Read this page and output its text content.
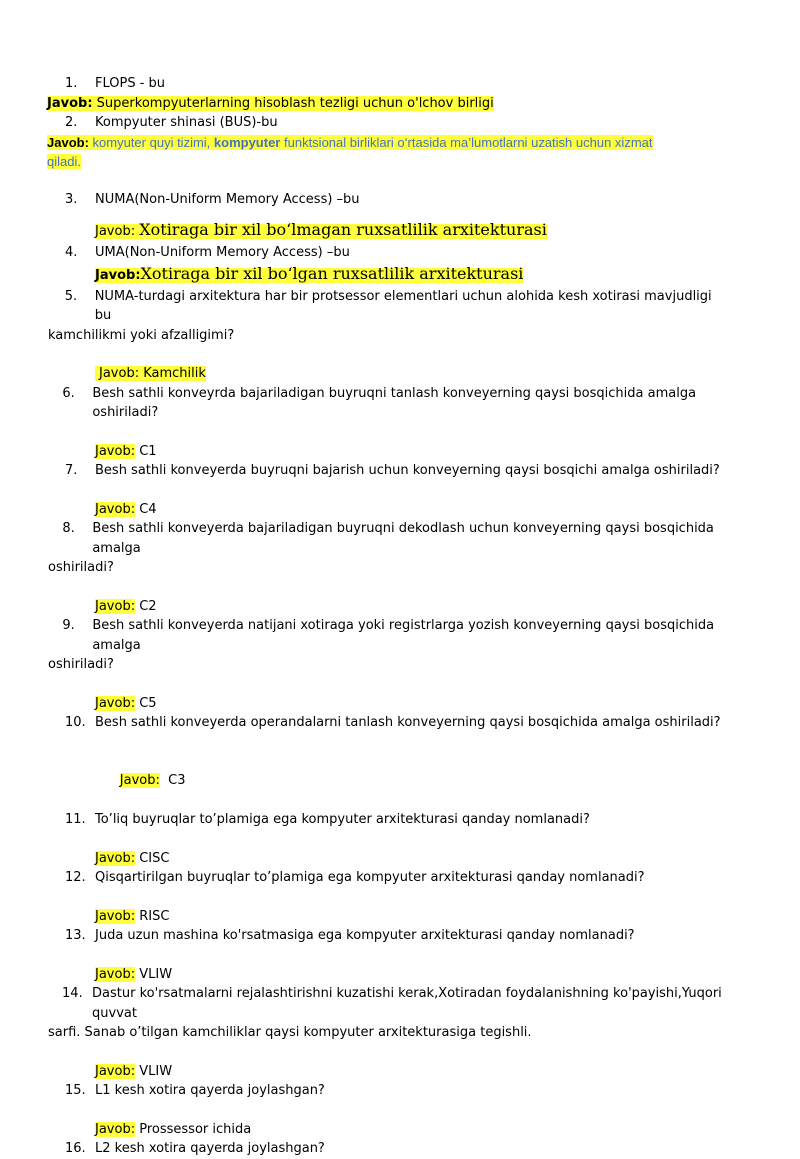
1.	FLOPS - bu
Javob: Superkompyuterlarning hisoblash tezligi uchun o'lchov birligi
2.	Kompyuter shinasi (BUS)-bu
Javob: komyuter quyi tizimi, kompyuter funktsional birliklari o‘rtasida ma’lumotlarni uzatish uchun xizmat
qiladi.
3.	NUMA(Non-Uniform Memory Access) –bu
Javob: Xotiraga bir xil boʻlmagan ruxsatlilik arxitekturasi
4.	UMA(Non-Uniform Memory Access) –bu
Javob:Xotiraga bir xil boʻlgan ruxsatlilik arxitekturasi
5.	NUMA-turdagi arxitektura har bir protsessor elementlari uchun alohida kesh xotirasi mavjudligi bu
kamchilikmi yoki afzalligimi?
Javob: Kamchilik
6.	Besh sathli konveyrda bajariladigan buyruqni tanlash konveyerning qaysi bosqichida amalga oshiriladi?
Javob: C1
7.	Besh sathli konveyerda buyruqni bajarish uchun konveyerning qaysi bosqichi amalga oshiriladi?
Javob: C4
8.	Besh sathli konveyerda bajariladigan buyruqni dekodlash uchun konveyerning qaysi bosqichida amalga
oshiriladi?
Javob: C2
9.	Besh sathli konveyerda natijani xotiraga yoki registrlarga yozish konveyerning qaysi bosqichida amalga
oshiriladi?
Javob: C5
10. Besh sathli konveyerda operandalarni tanlash konveyerning qaysi bosqichida amalga oshiriladi?

Javob:  C3

11. To’liq buyruqlar to’plamiga ega kompyuter arxitekturasi qanday nomlanadi?
Javob: CISC
12. Qisqartirilgan buyruqlar to’plamiga ega kompyuter arxitekturasi qanday nomlanadi?
Javob: RISC
13. Juda uzun mashina ko'rsatmasiga ega kompyuter arxitekturasi qanday nomlanadi?
Javob: VLIW
14. Dastur ko'rsatmalarni rejalashtirishni kuzatishi kerak,Xotiradan foydalanishning ko'payishi,Yuqori quvvat
sarfi. Sanab o’tilgan kamchiliklar qaysi kompyuter arxitekturasiga tegishli.
Javob: VLIW
15. L1 kesh xotira qayerda joylashgan?
Javob: Prossessor ichida
16. L2 kesh xotira qayerda joylashgan?
